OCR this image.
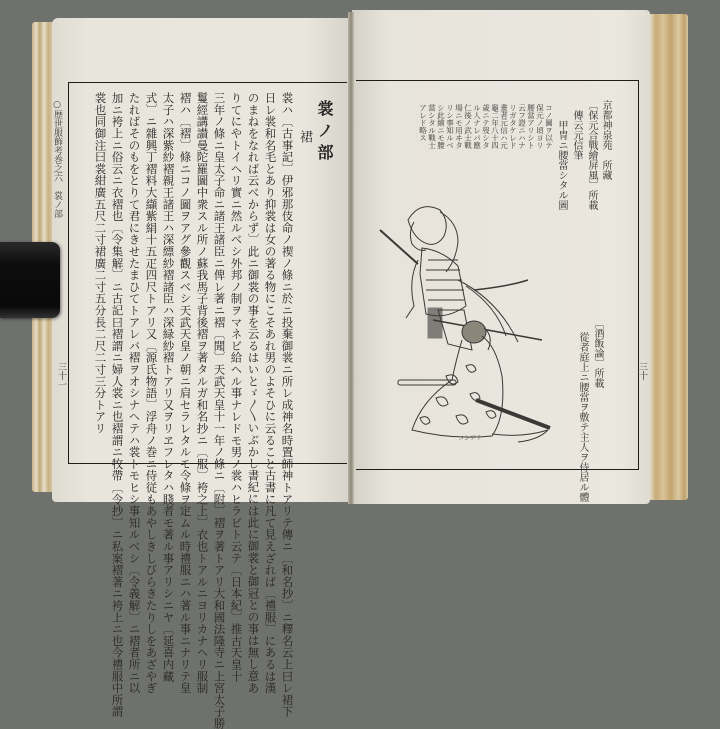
○歴世服飾考巻之六　裳ノ部
三十一
裳ノ部
裙
裳ハ〔古事記〕伊邪那伎命ノ禊ノ條ニ於ニ投棄御裳ニ所レ成神名時置師神トアリテ傳ニ〔和名抄〕ニ釋名云上曰レ裙下
日レ裳和名毛とあり抑裳は女の著る物にこそあれ男のよそひに云ること古書に凡て見えざれば〔禮服〕にあるは漢
のまねをなれば云べからず〕此ニ御裳の事を云るはいとゞ〳〵いぶかし書紀には此に御裳と御冠との事は無し意あ
りてにやトイヘリ實ニ然ルベシ外邦ノ制ヲマネビ給ヘル事ナレドモ男ノ裳ハヒラビト云テ〔日本紀〕推古天皇十
三年ノ條ニ皇太子命ニ諸王諸臣ニ俾レ著ニ褶〔聞〕天武天皇十一年ノ條ニ〔附〕褶ヲ著トアリ大和國法隆寺ニ上宮太子勝
鬘經講讃曼陀羅圖中衆スル所ノ蘇我馬子背後褶ヲ著タルガ和名抄ニ〔服〕袴之上〕衣也トアルニヨリカナヘリ服制
褶ハ〔褶〕條ニコノ圖ヲアグ參觀スベシ天武天皇ノ朝ニ肩セラレタルモ令條ヲ定ムル時禮服ニハ著ル事ニナリテ皇
太子ハ深紫紗褶親王諸王ハ深縹紗褶諸臣ハ深緑紗褶トアリ又ヲリヱフレタハ賤者モ著ル事アリシニヤ〔延喜内藏
式〕ニ雜興丁褶料大纈紫絹十五疋四尺トアリ又〔源氏物語〕浮舟ノ巻ニ侍従もあやしきしびらきたりしをあざやぎ
たればそのもをとりて君にきせたまひてトアレバ褶ヲオシナヘテハ裳トモヒシ事知ルベシ〔令義解〕ニ褶者所ニ以
加ニ袴上ニ俗云ニ衣褶也〔令集解〕ニ古記曰褶謂ニ婦人裳ニ也褶謂ニ牧帶〔令抄〕ニ私案褶著ニ袴上ニ也今禮服中所謂
裳也同御注曰裳紺廣五尺二寸裙廣二寸五分長二尺二寸三分トアリ	京都神泉苑　所藏
〔保元合戰繪屏風〕所載
傳云元信筆
甲冑ニ腰當シタル圖
コノ圖ヲ以テ
保元ノ頃ヨリ
腰當アリシト
云フ證ニハナ
リガタケレド
畫者元信ハ元
龜二年八十四
歳ニテ歿シタ
ル人ナレバ應
仁後ノ武士戰
場ニモ用ヰタ
リシ事知ルベ
シ此繪ニモ腰
當シタル戰士
アレド略ス
〔酒飯論〕所載
從者庭上ニ腰當ヲ敷テ主人ヲ侍居ル體
コシアテ
三十
